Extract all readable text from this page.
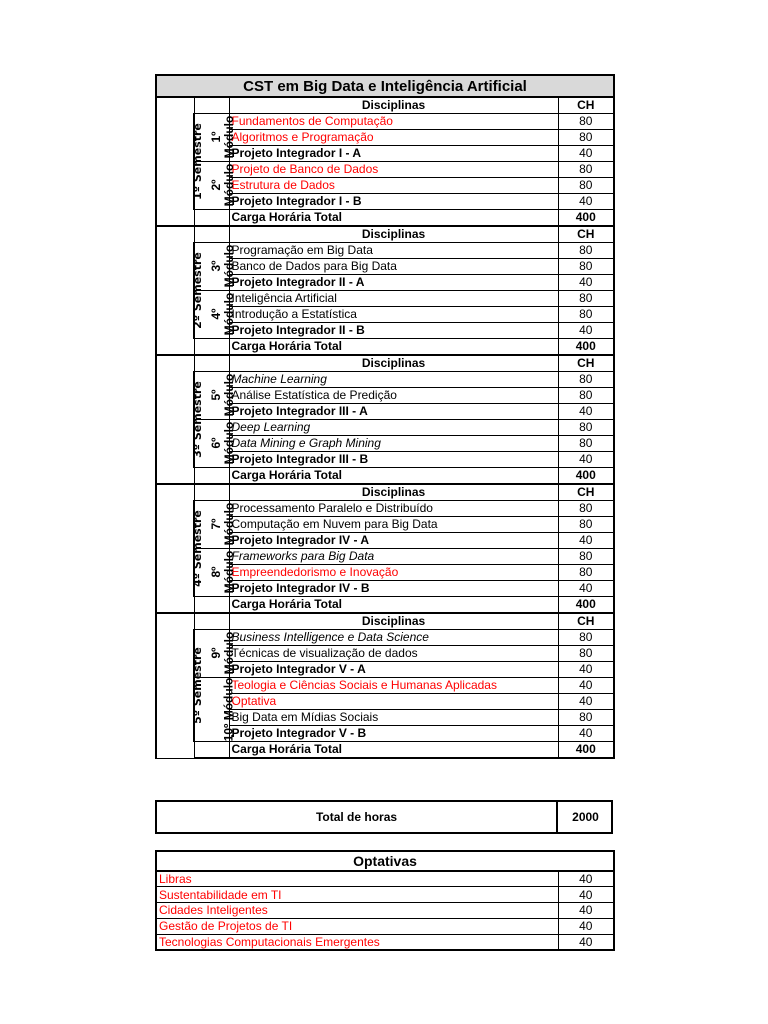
CST em Big Data e Inteligência Artificial			
1º Semestre		Disciplinas	CH
	1º Módulo	Fundamentos de Computação	80
		Algoritmos e Programação	80
		Projeto Integrador I - A	40
	2º Módulo	Projeto de Banco de Dados	80
		Estrutura de Dados	80
		Projeto Integrador I - B	40
		Carga Horária Total	400
2º Semestre		Disciplinas	CH
	3º Módulo	Programação em Big Data	80
		Banco de Dados para Big Data	80
		Projeto Integrador II - A	40
	4º Módulo	Inteligência Artificial	80
		Introdução a Estatística	80
		Projeto Integrador II - B	40
		Carga Horária Total	400
3º Semestre		Disciplinas	CH
	5º Módulo	Machine Learning	80
		Análise Estatística de Predição	80
		Projeto Integrador III - A	40
	6º Módulo	Deep Learning	80
		Data Mining e Graph Mining	80
		Projeto Integrador III - B	40
		Carga Horária Total	400
4º Semestre		Disciplinas	CH
	7º Módulo	Processamento Paralelo e Distribuído	80
		Computação em Nuvem para Big Data	80
		Projeto Integrador IV - A	40
	8º Módulo	Frameworks para Big Data	80
		Empreendedorismo e Inovação	80
		Projeto Integrador IV - B	40
		Carga Horária Total	400
5º Semestre		Disciplinas	CH
	9º Módulo	Business Intelligence e Data Science	80
		Técnicas de visualização de dados	80
		Projeto Integrador V - A	40
	10º Módulo	Teologia e Ciências Sociais e Humanas Aplicadas	40
		Optativa	40
		Big Data em Mídias Sociais	80
		Projeto Integrador V - B	40
		Carga Horária Total	400
Total de horas	2000
Optativas	
Libras	40
Sustentabilidade em TI	40
Cidades Inteligentes	40
Gestão de Projetos de TI	40
Tecnologias Computacionais Emergentes	40
